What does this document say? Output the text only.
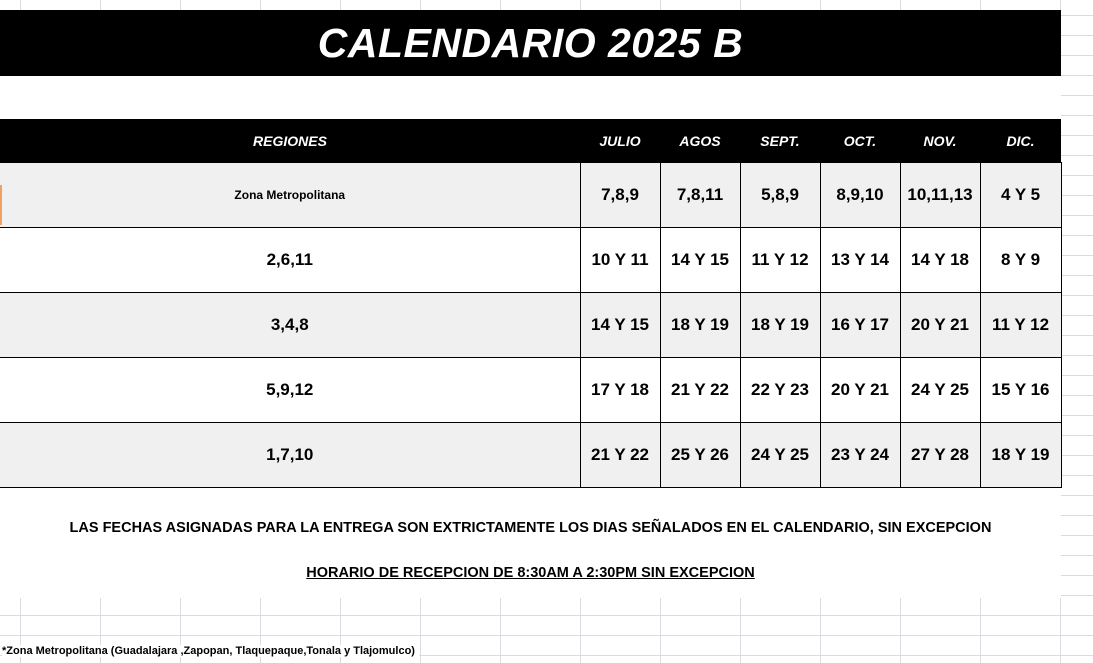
CALENDARIO 2025 B
REGIONES	JULIO	AGOS	SEPT.	OCT.	NOV.	DIC.
Zona Metropolitana	7,8,9	7,8,11	5,8,9	8,9,10	10,11,13	4 Y 5
2,6,11	10 Y 11	14 Y 15	11 Y 12	13 Y 14	14 Y 18	8 Y 9
3,4,8	14 Y 15	18 Y 19	18 Y 19	16 Y 17	20 Y 21	11 Y 12
5,9,12	17 Y 18	21 Y 22	22 Y 23	20 Y 21	24 Y 25	15 Y 16
1,7,10	21 Y 22	25 Y 26	24 Y 25	23 Y 24	27 Y 28	18 Y 19
LAS FECHAS ASIGNADAS PARA LA ENTREGA SON EXTRICTAMENTE LOS DIAS SEÑALADOS EN EL CALENDARIO, SIN EXCEPCION
HORARIO DE RECEPCION DE 8:30AM A 2:30PM SIN EXCEPCION
*Zona Metropolitana (Guadalajara ,Zapopan, Tlaquepaque,Tonala y Tlajomulco)
